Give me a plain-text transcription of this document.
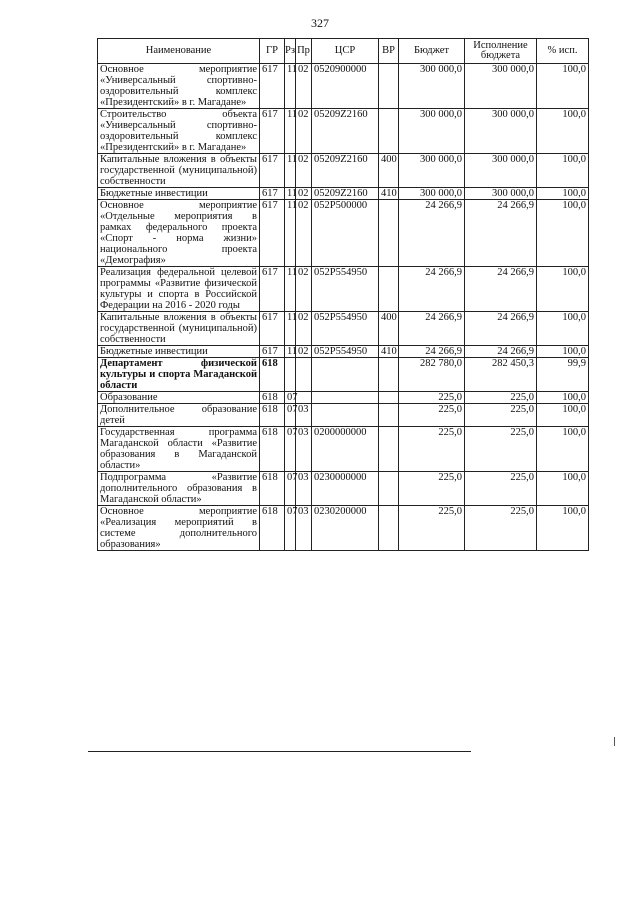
327
Наименование	ГР	Рз	Пр	ЦСР	ВР	Бюджет	Исполнение бюджета	% исп.
Основное мероприятие «Универсальный спортивно-оздоровительный комплекс «Президентский» в г. Магадане»	617	11	02	0520900000		300 000,0	300 000,0	100,0
Строительство объекта «Универсальный спортивно-оздоровительный комплекс «Президентский» в г. Магадане»	617	11	02	05209Z2160		300 000,0	300 000,0	100,0
Капитальные вложения в объекты государственной (муниципальной) собственности	617	11	02	05209Z2160	400	300 000,0	300 000,0	100,0
Бюджетные инвестиции	617	11	02	05209Z2160	410	300 000,0	300 000,0	100,0
Основное мероприятие «Отдельные мероприятия в рамках федерального проекта «Спорт - норма жизни» национального проекта «Демография»	617	11	02	052P500000		24 266,9	24 266,9	100,0
Реализация федеральной целевой программы «Развитие физической культуры и спорта в Российской Федерации на 2016 - 2020 годы	617	11	02	052P554950		24 266,9	24 266,9	100,0
Капитальные вложения в объекты государственной (муниципальной) собственности	617	11	02	052P554950	400	24 266,9	24 266,9	100,0
Бюджетные инвестиции	617	11	02	052P554950	410	24 266,9	24 266,9	100,0
Департамент физической культуры и спорта Магаданской области	618					282 780,0	282 450,3	99,9
Образование	618	07				225,0	225,0	100,0
Дополнительное образование детей	618	07	03			225,0	225,0	100,0
Государственная программа Магаданской области «Развитие образования в Магаданской области»	618	07	03	0200000000		225,0	225,0	100,0
Подпрограмма «Развитие дополнительного образования в Магаданской области»	618	07	03	0230000000		225,0	225,0	100,0
Основное мероприятие «Реализация мероприятий в системе дополнительного образования»	618	07	03	0230200000		225,0	225,0	100,0
